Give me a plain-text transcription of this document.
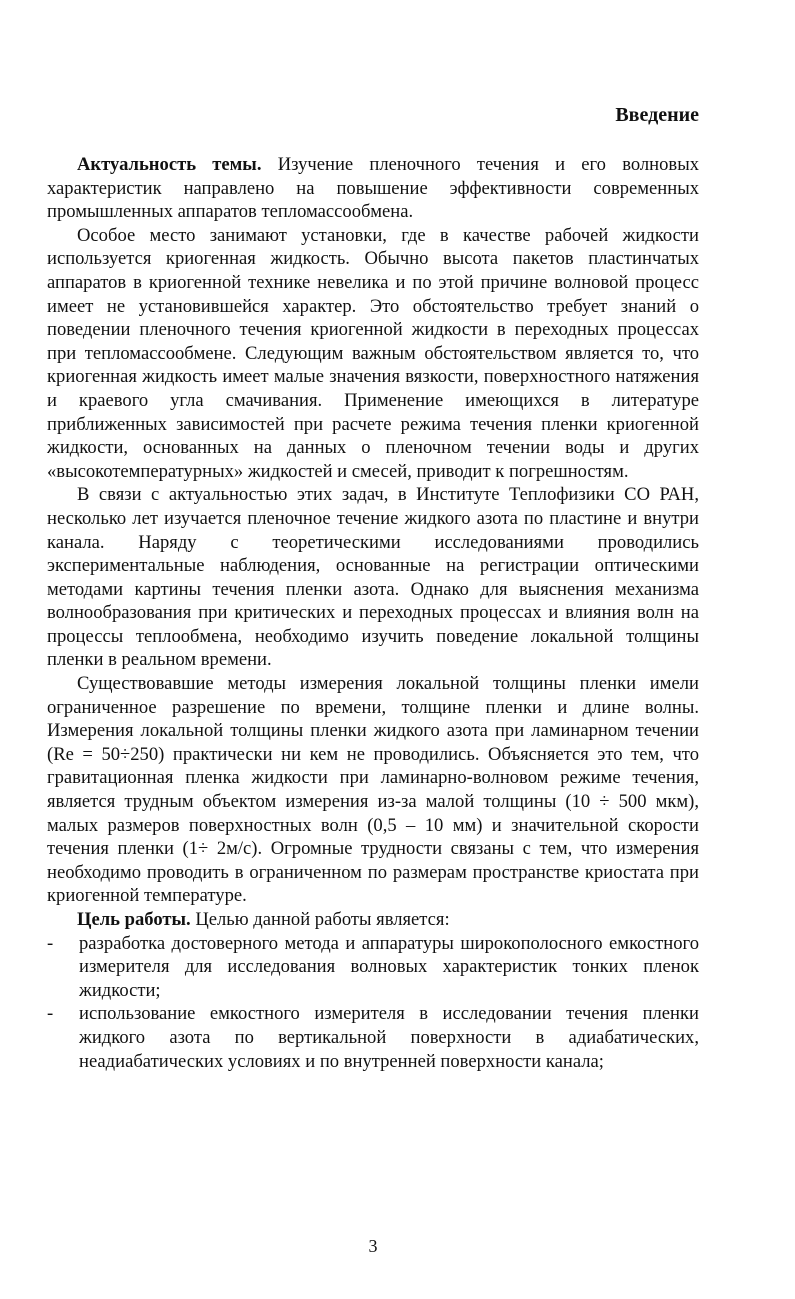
Введение

Актуальность темы. Изучение пленочного течения и его волновых характеристик направлено на повышение эффективности современных промышленных аппаратов тепломассообмена.

Особое место занимают установки, где в качестве рабочей жидкости используется криогенная жидкость. Обычно высота пакетов пластинчатых аппаратов в криогенной технике невелика и по этой причине волновой процесс имеет не установившейся характер. Это обстоятельство требует знаний о поведении пленочного течения криогенной жидкости в переходных процессах при тепломассообмене. Следующим важным обстоятельством является то, что криогенная жидкость имеет малые значения вязкости, поверхностного натяжения и краевого угла смачивания. Применение имеющихся в литературе приближенных зависимостей при расчете режима течения пленки криогенной жидкости, основанных на данных о пленочном течении воды и других «высокотемпературных» жидкостей и смесей, приводит к погрешностям.

В связи с актуальностью этих задач, в Институте Теплофизики СО РАН, несколько лет изучается пленочное течение жидкого азота по пластине и внутри канала. Наряду с теоретическими исследованиями проводились экспериментальные наблюдения, основанные на регистрации оптическими методами картины течения пленки азота. Однако для выяснения механизма волнообразования при критических и переходных процессах и влияния волн на процессы теплообмена, необходимо изучить поведение локальной толщины пленки в реальном времени.

Существовавшие методы измерения локальной толщины пленки имели ограниченное разрешение по времени, толщине пленки и длине волны. Измерения локальной толщины пленки жидкого азота при ламинарном течении (Re = 50÷250) практически ни кем не проводились. Объясняется это тем, что гравитационная пленка жидкости при ламинарно-волновом режиме течения, является трудным объектом измерения из-за малой толщины (10 ÷ 500 мкм), малых размеров поверхностных волн (0,5 – 10 мм) и значительной скорости течения пленки (1÷ 2м/с). Огромные трудности связаны с тем, что измерения необходимо проводить в ограниченном по размерам пространстве криостата при криогенной температуре.

Цель работы. Целью данной работы является:

- разработка достоверного метода и аппаратуры широкополосного емкостного измерителя для исследования волновых характеристик тонких пленок жидкости;
- использование емкостного измерителя в исследовании течения пленки жидкого азота по вертикальной поверхности в адиабатических, неадиабатических условиях и по внутренней поверхности канала;

3
